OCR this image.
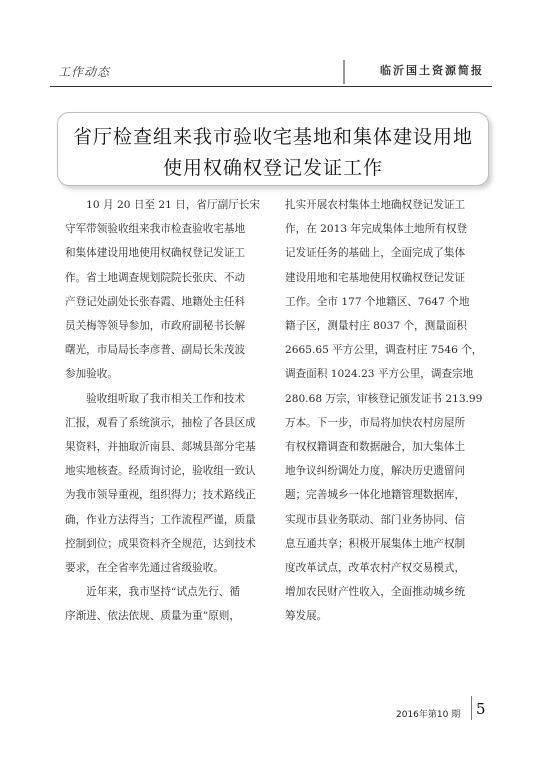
工作动态	临沂国土资源简报
省厅检查组来我市验收宅基地和集体建设用地
使用权确权登记发证工作

　　10 月 20 日至 21 日，省厅副厅长宋

守军带领验收组来我市检查验收宅基地

和集体建设用地使用权确权登记发证工

作。省土地调查规划院院长张庆、不动

产登记处副处长张春霞、地籍处主任科

员关梅等领导参加，市政府副秘书长解

曙光，市局局长李彦普、副局长朱茂波

参加验收。

　　验收组听取了我市相关工作和技术

汇报，观看了系统演示，抽检了各县区成

果资料，并抽取沂南县、郯城县部分宅基

地实地核查。经质询讨论，验收组一致认

为我市领导重视，组织得力；技术路线正

确，作业方法得当；工作流程严谨，质量

控制到位；成果资料齐全规范，达到技术

要求，在全省率先通过省级验收。

　　近年来，我市坚持“试点先行、循

序渐进、依法依规、质量为重”原则，

扎实开展农村集体土地确权登记发证工

作，在 2013 年完成集体土地所有权登

记发证任务的基础上，全面完成了集体

建设用地和宅基地使用权确权登记发证

工作。全市 177 个地籍区、7647 个地

籍子区，测量村庄 8037 个，测量面积

2665.65 平方公里，调查村庄 7546 个，

调查面积 1024.23 平方公里，调查宗地

280.68 万宗，审核登记颁发证书 213.99

万本。下一步，市局将加快农村房屋所

有权权籍调查和数据融合，加大集体土

地争议纠纷调处力度，解决历史遗留问

题；完善城乡一体化地籍管理数据库，

实现市县业务联动、部门业务协同、信

息互通共享；积极开展集体土地产权制

度改革试点，改革农村产权交易模式，

增加农民财产性收入，全面推动城乡统

筹发展。

2016年第10 期 5
